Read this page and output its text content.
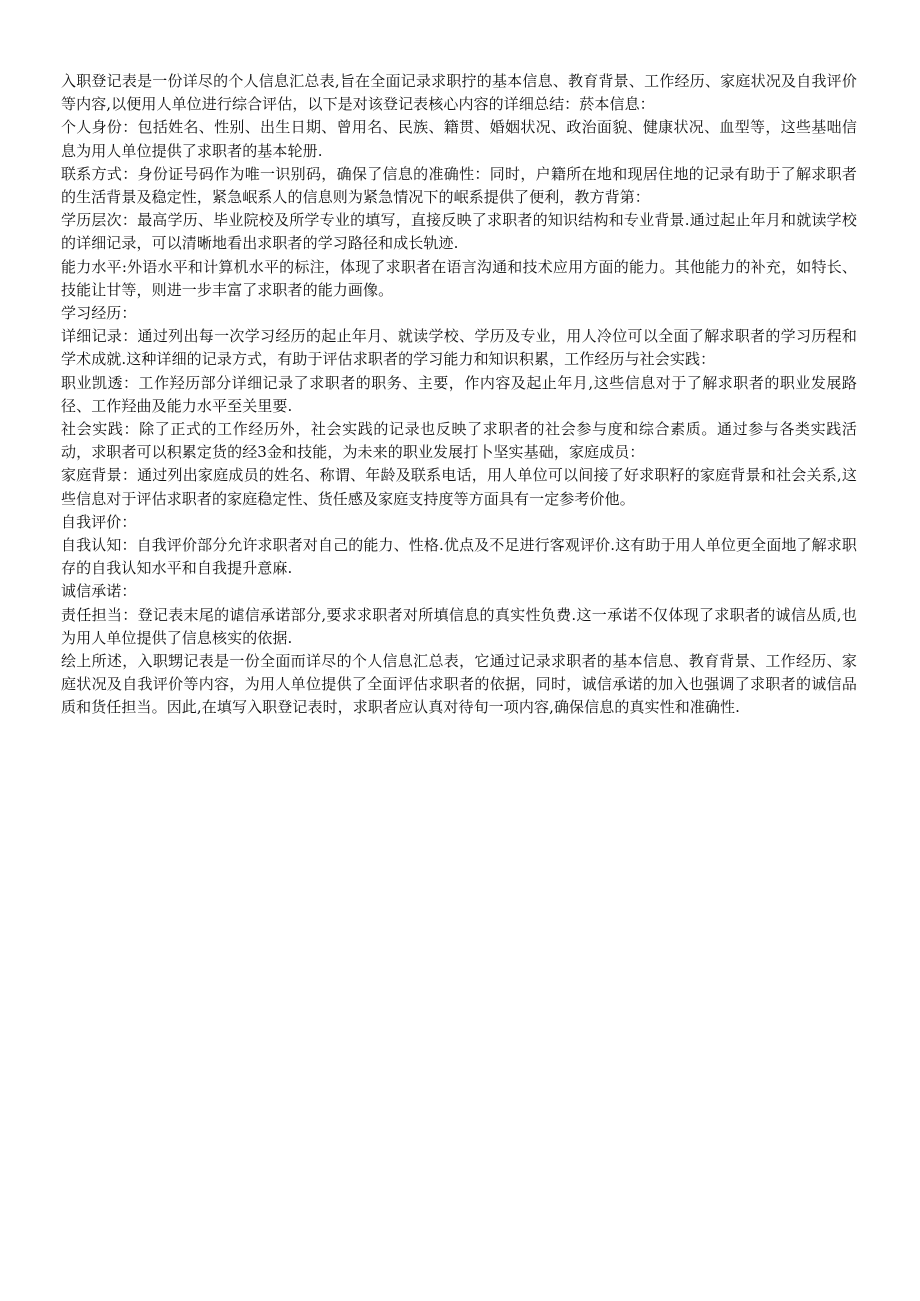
入职登记表是一份详尽的个人信息汇总表,旨在全面记录求职拧的基本信息、教育背景、工作经历、家庭状况及自我评价等内容,以便用人单位进行综合评估，以下是对该登记表核心内容的详细总结：菸本信息：

个人身份：包括姓名、性别、出生日期、曾用名、民族、籍贯、婚姻状况、政治面貌、健康状况、血型等，这些基咄信息为用人单位提供了求职者的基本轮册.

联系方式：身份证号码作为唯一识别码，确保了信息的准确性：同时，户籍所在地和现居住地的记录有助于了解求职者的生活背景及稳定性，紧急岷系人的信息则为紧急情况下的岷系提供了便利，教方背第：

学历层次：最高学历、毕业院校及所学专业的填写，直接反映了求职者的知识结构和专业背景.通过起止年月和就读学校的详细记录，可以清晰地看出求职者的学习路径和成长轨迹.

能力水平:外语水平和计算机水平的标注，体现了求职者在语言沟通和技术应用方面的能力。其他能力的补充，如特长、技能让甘等，则进一步丰富了求职者的能力画像。

学习经历：

详细记录：通过列出每一次学习经历的起止年月、就读学校、学历及专业，用人冷位可以全面了解求职者的学习历程和学术成就.这种详细的记录方式，有助于评估求职者的学习能力和知识积累，工作经历与社会实践：

职业凯透：工作羟历部分详细记录了求职者的职务、主要，作内容及起止年月,这些信息对于了解求职者的职业发展路径、工作羟曲及能力水平至关里要.

社会实践：除了正式的工作经历外，社会实践的记录也反映了求职者的社会参与度和综合素质。通过参与各类实践活动，求职者可以积累定货的经3金和技能，为未来的职业发展打卜坚实基础，家庭成员：

家庭背景：通过列出家庭成员的姓名、称谓、年龄及联系电话，用人单位可以间接了好求职籽的家庭背景和社会关系,这些信息对于评估求职者的家庭稳定性、货任感及家庭支持度等方面具有一定参考价他。

自我评价：

自我认知：自我评价部分允许求职者对自己的能力、性格.优点及不足进行客观评价.这有助于用人单位更全面地了解求职存的自我认知水平和自我提升意麻.

诚信承诺：

责任担当：登记表末尾的谑信承诺部分,要求求职者对所填信息的真实性负费.这一承诺不仅体现了求职者的诚信丛质,也为用人单位提供了信息核实的依据.

绘上所述，入职甥记表是一份全面而详尽的个人信息汇总表，它通过记录求职者的基本信息、教育背景、工作经历、家庭状况及自我评价等内容，为用人单位提供了全面评估求职者的依据，同时，诚信承诺的加入也强调了求职者的诚信品质和货任担当。因此,在填写入职登记表时，求职者应认真对待旬一项内容,确保信息的真实性和准确性.
